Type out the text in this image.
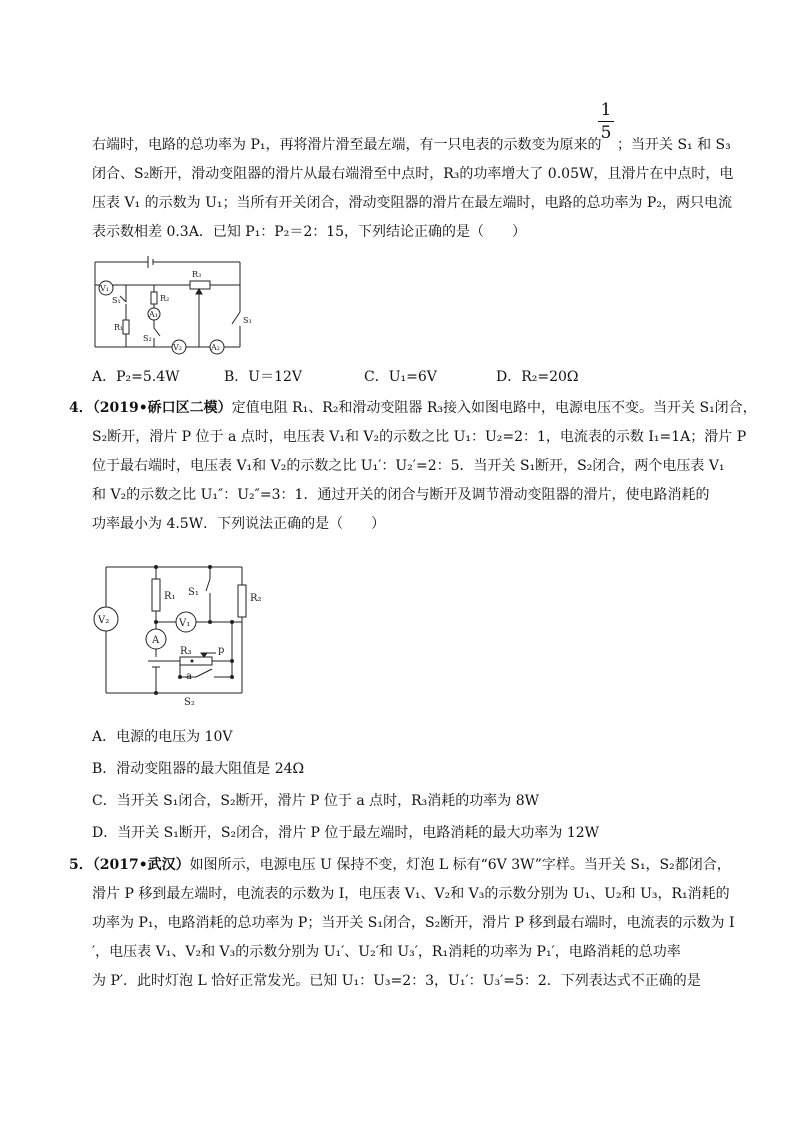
1
5
右端时，电路的总功率为 P₁，再将滑片滑至最左端，有一只电表的示数变为原来的 ；当开关 S₁ 和 S₃
闭合、S₂断开，滑动变阻器的滑片从最右端滑至中点时，R₃的功率增大了 0.05W，且滑片在中点时，电
压表 V₁ 的示数为 U₁；当所有开关闭合，滑动变阻器的滑片在最左端时，电路的总功率为 P₂，两只电流
表示数相差 0.3A．已知 P₁：P₂＝2：15，下列结论正确的是（　　）
R₃
R₂
R₁
S₁
S₂
S₃
V₁
V₂
A₁
A₂
A．P₂=5.4W	B．U＝12V	C．U₁=6V	D．R₂=20Ω
4．（2019•硚口区二模）定值电阻 R₁、R₂和滑动变阻器 R₃接入如图电路中，电源电压不变。当开关 S₁闭合，
S₂断开，滑片 P 位于 a 点时，电压表 V₁和 V₂的示数之比 U₁：U₂=2：1，电流表的示数 I₁=1A；滑片 P
位于最右端时，电压表 V₁和 V₂的示数之比 U₁′：U₂′=2：5．当开关 S₁断开，S₂闭合，两个电压表 V₁
和 V₂的示数之比 U₁″：U₂″=3：1．通过开关的闭合与断开及调节滑动变阻器的滑片，使电路消耗的
功率最小为 4.5W．下列说法正确的是（　　）
R₁	R₂
S₁
R₃	p
a
S₂
V₂	V₁
A
A．电源的电压为 10V
B．滑动变阻器的最大阻值是 24Ω
C．当开关 S₁闭合，S₂断开，滑片 P 位于 a 点时，R₃消耗的功率为 8W
D．当开关 S₁断开，S₂闭合，滑片 P 位于最左端时，电路消耗的最大功率为 12W
5．（2017•武汉）如图所示，电源电压 U 保持不变，灯泡 L 标有“6V 3W”字样。当开关 S₁，S₂都闭合，
滑片 P 移到最左端时，电流表的示数为 I，电压表 V₁、V₂和 V₃的示数分别为 U₁、U₂和 U₃，R₁消耗的
功率为 P₁，电路消耗的总功率为 P；当开关 S₁闭合，S₂断开，滑片 P 移到最右端时，电流表的示数为 I
′，电压表 V₁、V₂和 V₃的示数分别为 U₁′、U₂′和 U₃′，R₁消耗的功率为 P₁′，电路消耗的总功率
为 P′．此时灯泡 L 恰好正常发光。已知 U₁：U₃=2：3，U₁′：U₃′=5：2．下列表达式不正确的是
